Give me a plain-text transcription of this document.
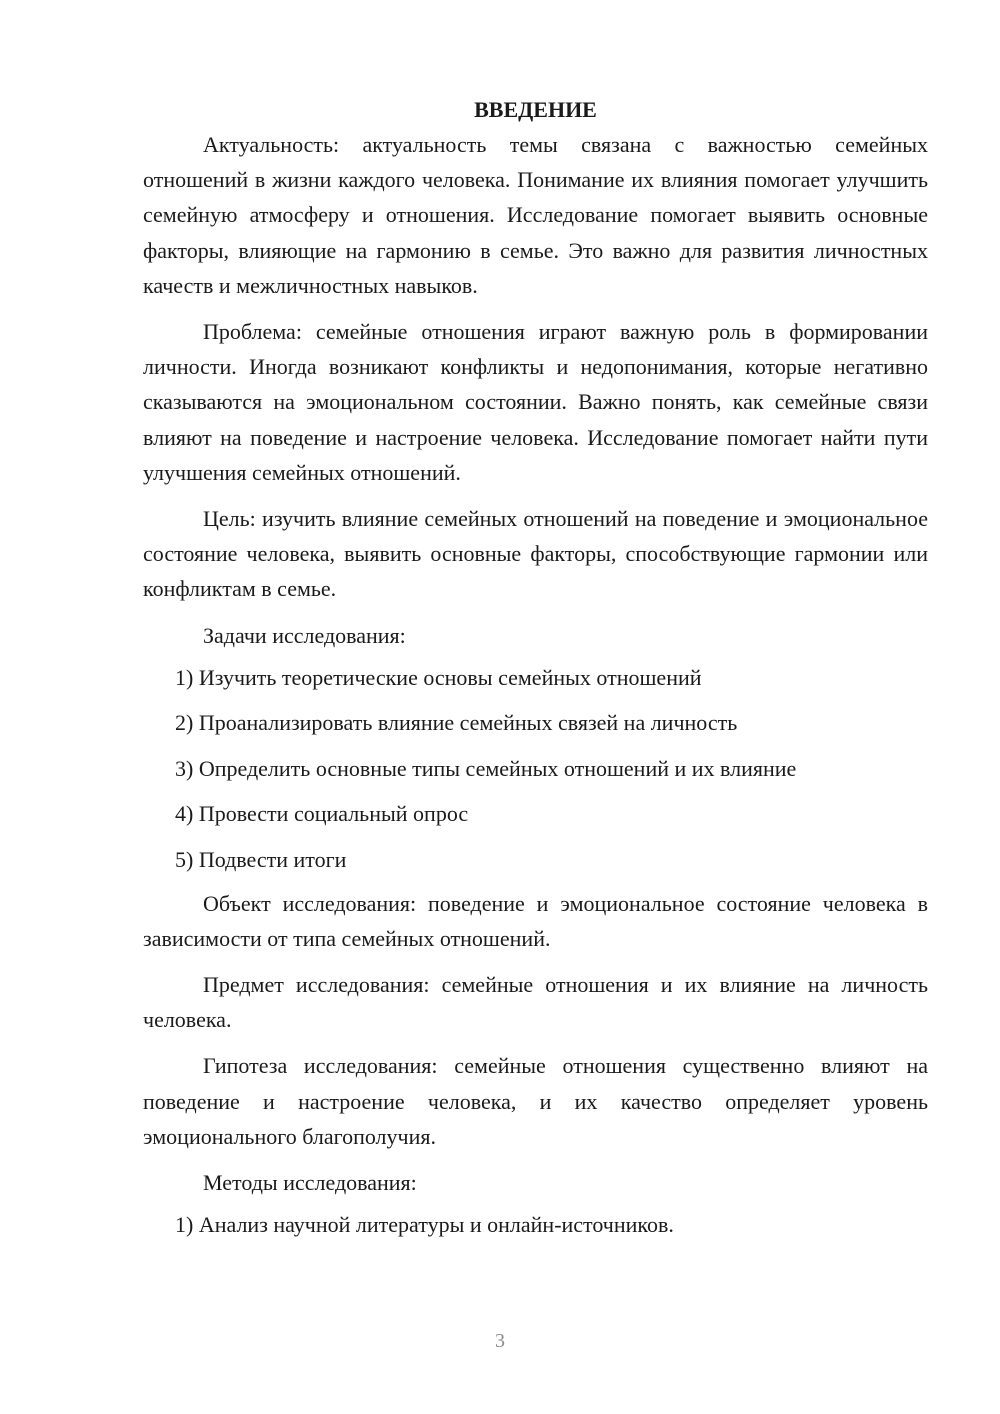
ВВЕДЕНИЕ

Актуальность: актуальность темы связана с важностью семейных отношений в жизни каждого человека. Понимание их влияния помогает улучшить семейную атмосферу и отношения. Исследование помогает выявить основные факторы, влияющие на гармонию в семье. Это важно для развития личностных качеств и межличностных навыков.

Проблема: семейные отношения играют важную роль в формировании личности. Иногда возникают конфликты и недопонимания, которые негативно сказываются на эмоциональном состоянии. Важно понять, как семейные связи влияют на поведение и настроение человека. Исследование помогает найти пути улучшения семейных отношений.

Цель: изучить влияние семейных отношений на поведение и эмоциональное состояние человека, выявить основные факторы, способствующие гармонии или конфликтам в семье.

Задачи исследования:

1) Изучить теоретические основы семейных отношений
2) Проанализировать влияние семейных связей на личность
3) Определить основные типы семейных отношений и их влияние
4) Провести социальный опрос
5) Подвести итоги

Объект исследования: поведение и эмоциональное состояние человека в зависимости от типа семейных отношений.

Предмет исследования: семейные отношения и их влияние на личность человека.

Гипотеза исследования: семейные отношения существенно влияют на поведение и настроение человека, и их качество определяет уровень эмоционального благополучия.

Методы исследования:

1) Анализ научной литературы и онлайн-источников.
3
